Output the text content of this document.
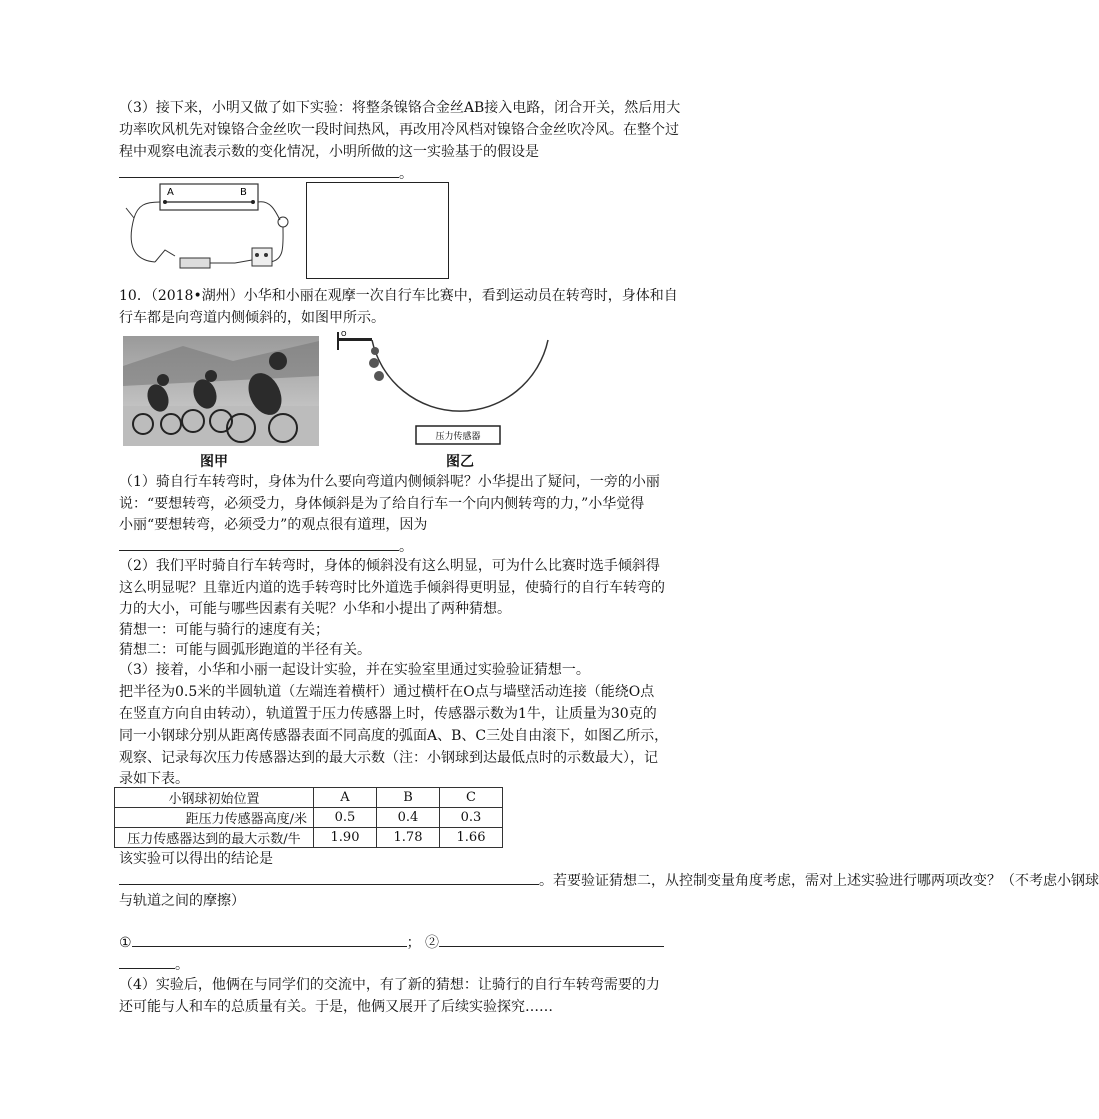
（3）接下来，小明又做了如下实验：将整条镍铬合金丝AB接入电路，闭合开关，然后用大
功率吹风机先对镍铬合金丝吹一段时间热风，再改用冷风档对镍铬合金丝吹冷风。在整个过
程中观察电流表示数的变化情况，小明所做的这一实验基于的假设是
。
A	B
10．（2018•湖州）小华和小丽在观摩一次自行车比赛中，看到运动员在转弯时，身体和自
行车都是向弯道内侧倾斜的，如图甲所示。
O
压力传感器
图甲	图乙
（1）骑自行车转弯时，身体为什么要向弯道内侧倾斜呢？小华提出了疑问，一旁的小丽
说：“要想转弯，必须受力，身体倾斜是为了给自行车一个向内侧转弯的力，”小华觉得
小丽“要想转弯，必须受力”的观点很有道理，因为
。
（2）我们平时骑自行车转弯时，身体的倾斜没有这么明显，可为什么比赛时选手倾斜得
这么明显呢？且靠近内道的选手转弯时比外道选手倾斜得更明显，使骑行的自行车转弯的
力的大小，可能与哪些因素有关呢？小华和小提出了两种猜想。
猜想一：可能与骑行的速度有关；
猜想二：可能与圆弧形跑道的半径有关。
（3）接着，小华和小丽一起设计实验，并在实验室里通过实验验证猜想一。
把半径为0.5米的半圆轨道（左端连着横杆）通过横杆在O点与墙壁活动连接（能绕O点
在竖直方向自由转动），轨道置于压力传感器上时，传感器示数为1牛，让质量为30克的
同一小钢球分别从距离传感器表面不同高度的弧面A、B、C三处自由滚下，如图乙所示，
观察、记录每次压力传感器达到的最大示数（注：小钢球到达最低点时的示数最大），记
录如下表。
小钢球初始位置	A	B	C
距压力传感器高度/米	0.5	0.4	0.3
压力传感器达到的最大示数/牛	1.90	1.78	1.66
该实验可以得出的结论是
。若要验证猜想二，从控制变量角度考虑，需对上述实验进行哪两项改变？（不考虑小钢球
与轨道之间的摩擦）
①	； ②
。
（4）实验后，他俩在与同学们的交流中，有了新的猜想：让骑行的自行车转弯需要的力
还可能与人和车的总质量有关。于是，他俩又展开了后续实验探究……
